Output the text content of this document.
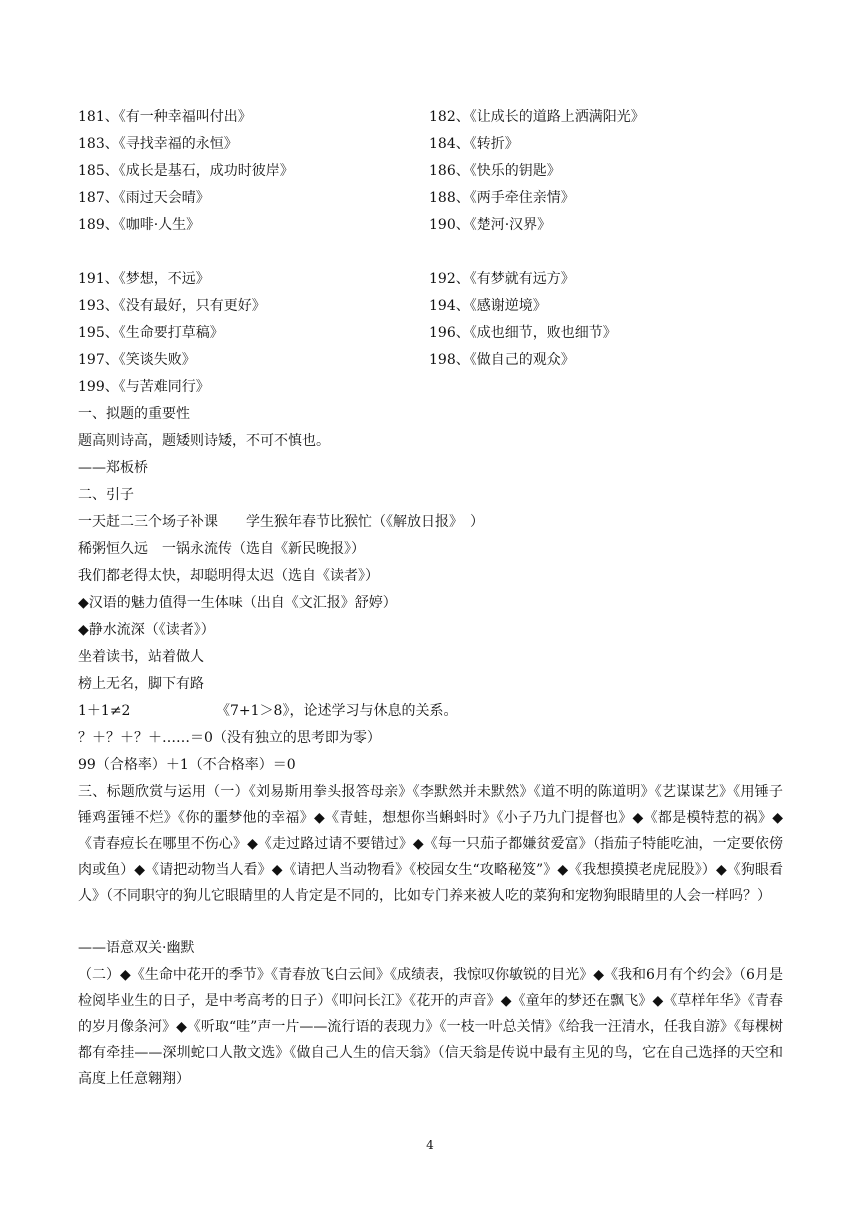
181、《有一种幸福叫付出》	182、《让成长的道路上洒满阳光》
183、《寻找幸福的永恒》	184、《转折》
185、《成长是基石，成功时彼岸》	186、《快乐的钥匙》
187、《雨过天会晴》	188、《两手牵住亲情》
189、《咖啡·人生》	190、《楚河·汉界》
191、《梦想，不远》	192、《有梦就有远方》
193、《没有最好，只有更好》	194、《感谢逆境》
195、《生命要打草稿》	196、《成也细节，败也细节》
197、《笑谈失败》	198、《做自己的观众》
199、《与苦难同行》
一、拟题的重要性
题高则诗高，题矮则诗矮，不可不慎也。
——郑板桥
二、引子
一天赶二三个场子补课　　学生猴年春节比猴忙（《解放日报》　）
稀粥恒久远　一锅永流传（选自《新民晚报》）
我们都老得太快，却聪明得太迟（选自《读者》）
◆汉语的魅力值得一生体味（出自《文汇报》舒婷）
◆静水流深（《读者》）
坐着读书，站着做人
榜上无名，脚下有路
1＋1≠2	《7+1＞8》，论述学习与休息的关系。
？＋？＋？＋……＝0（没有独立的思考即为零）
99（合格率）＋1（不合格率）＝0
三、标题欣赏与运用（一）《刘易斯用拳头报答母亲》《李默然并未默然》《道不明的陈道明》《艺谋谋艺》《用锤子锤鸡蛋锤不烂》《你的噩梦他的幸福》◆《青蛙，想想你当蝌蚪时》《小子乃九门提督也》◆《都是模特惹的祸》◆《青春痘长在哪里不伤心》◆《走过路过请不要错过》◆《每一只茄子都嫌贫爱富》（指茄子特能吃油，一定要依傍肉或鱼）◆《请把动物当人看》◆《请把人当动物看》《校园女生“攻略秘笈”》◆《我想摸摸老虎屁股》）◆《狗眼看人》（不同职守的狗儿它眼睛里的人肯定是不同的，比如专门养来被人吃的菜狗和宠物狗眼睛里的人会一样吗？）
——语意双关·幽默
（二）◆《生命中花开的季节》《青春放飞白云间》《成绩表，我惊叹你敏锐的目光》◆《我和6月有个约会》（6月是检阅毕业生的日子，是中考高考的日子）《叩问长江》《花开的声音》◆《童年的梦还在飘飞》◆《草样年华》《青春的岁月像条河》◆《听取“哇”声一片——流行语的表现力》《一枝一叶总关情》《给我一汪清水，任我自游》《每棵树都有牵挂——深圳蛇口人散文选》《做自己人生的信天翁》（信天翁是传说中最有主见的鸟，它在自己选择的天空和高度上任意翱翔）
4
